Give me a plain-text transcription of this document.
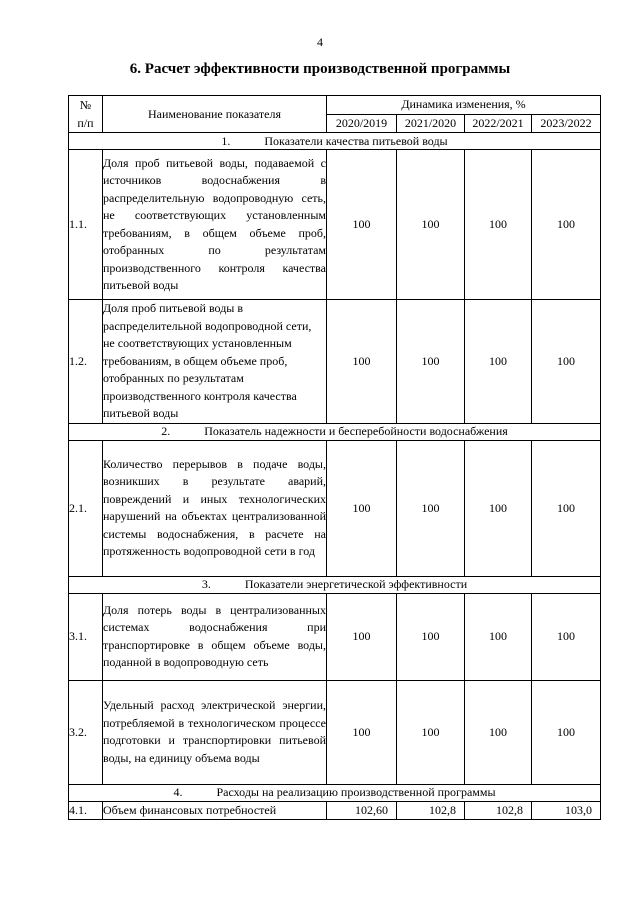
4
6. Расчет эффективности производственной программы
№
п/п	Наименование показателя	Динамика изменения, %			
		2020/2019	2021/2020	2022/2021	2023/2022
1. Показатели качества питьевой воды					
1.1.	Доля проб питьевой воды, подаваемой с источников водоснабжения в распределительную водопроводную сеть, не соответствующих установленным требованиям, в общем объеме проб, отобранных по результатам производственного контроля качества питьевой воды	100	100	100	100
1.2.	Доля проб питьевой воды в распределительной водопроводной сети, не соответствующих установленным требованиям, в общем объеме проб, отобранных по результатам производственного контроля качества питьевой воды	100	100	100	100
2. Показатель надежности и бесперебойности водоснабжения					
2.1.	Количество перерывов в подаче воды, возникших в результате аварий, повреждений и иных технологических нарушений на объектах централизованной системы водоснабжения, в расчете на протяженность водопроводной сети в год	100	100	100	100
3. Показатели энергетической эффективности					
3.1.	Доля потерь воды в централизованных системах водоснабжения при транспортировке в общем объеме воды, поданной в водопроводную сеть	100	100	100	100
3.2.	Удельный расход электрической энергии, потребляемой в технологическом процессе подготовки и транспортировки питьевой воды, на единицу объема воды	100	100	100	100
4. Расходы на реализацию производственной программы					
4.1.	Объем финансовых потребностей	102,60	102,8	102,8	103,0
